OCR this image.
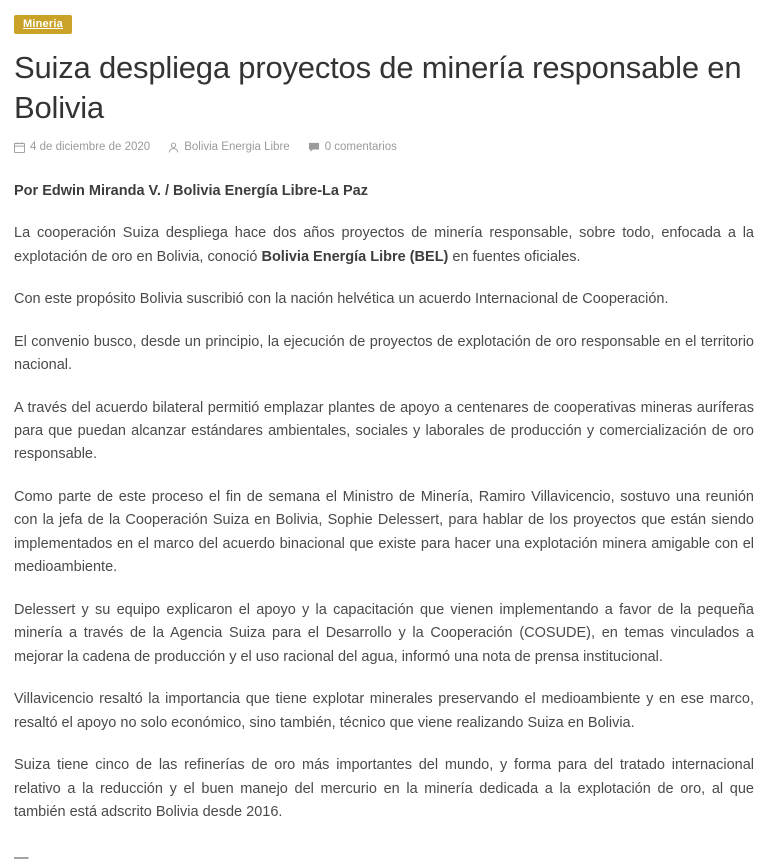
Mineria
Suiza despliega proyectos de minería responsable en Bolivia
4 de diciembre de 2020	Bolivia Energia Libre	0 comentarios

Por Edwin Miranda V. / Bolivia Energía Libre-La Paz

La cooperación Suiza despliega hace dos años proyectos de minería responsable, sobre todo, enfocada a la explotación de oro en Bolivia, conoció Bolivia Energía Libre (BEL) en fuentes oficiales.

Con este propósito Bolivia suscribió con la nación helvética un acuerdo Internacional de Cooperación.

El convenio busco, desde un principio, la ejecución de proyectos de explotación de oro responsable en el territorio nacional.

A través del acuerdo bilateral permitió emplazar plantes de apoyo a centenares de cooperativas mineras auríferas para que puedan alcanzar estándares ambientales, sociales y laborales de producción y comercialización de oro responsable.

Como parte de este proceso el fin de semana el Ministro de Minería, Ramiro Villavicencio, sostuvo una reunión con la jefa de la Cooperación Suiza en Bolivia, Sophie Delessert, para hablar de los proyectos que están siendo implementados en el marco del acuerdo binacional que existe para hacer una explotación minera amigable con el medioambiente.

Delessert y su equipo explicaron el apoyo y la capacitación que vienen implementando a favor de la pequeña minería a través de la Agencia Suiza para el Desarrollo y la Cooperación (COSUDE), en temas vinculados a mejorar la cadena de producción y el uso racional del agua, informó una nota de prensa institucional.

Villavicencio resaltó la importancia que tiene explotar minerales preservando el medioambiente y en ese marco, resaltó el apoyo no solo económico, sino también, técnico que viene realizando Suiza en Bolivia.

Suiza tiene cinco de las refinerías de oro más importantes del mundo, y forma para del tratado internacional relativo a la reducción y el buen manejo del mercurio en la minería dedicada a la explotación de oro, al que también está adscrito Bolivia desde 2016.

—
